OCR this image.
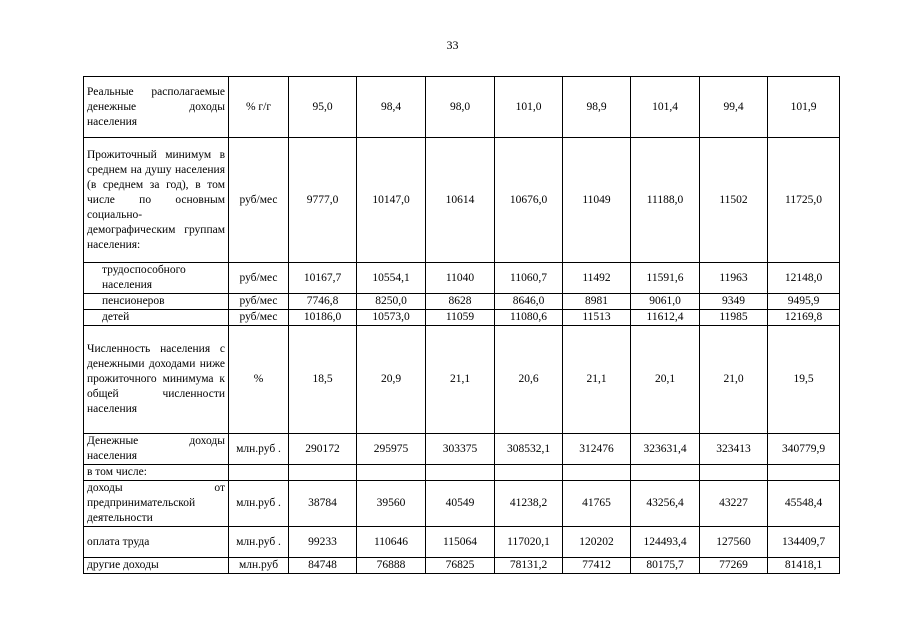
33
Реальные располагаемые денежные доходы населения	% г/г	95,0	98,4	98,0	101,0	98,9	101,4	99,4	101,9
Прожиточный минимум в среднем на душу населения (в среднем за год), в том числе по основным социально-демографическим группам населения:	руб/мес	9777,0	10147,0	10614	10676,0	11049	11188,0	11502	11725,0
трудоспособного населения	руб/мес	10167,7	10554,1	11040	11060,7	11492	11591,6	11963	12148,0
пенсионеров	руб/мес	7746,8	8250,0	8628	8646,0	8981	9061,0	9349	9495,9
детей	руб/мес	10186,0	10573,0	11059	11080,6	11513	11612,4	11985	12169,8
Численность населения с денежными доходами ниже прожиточного минимума к общей численности населения	%	18,5	20,9	21,1	20,6	21,1	20,1	21,0	19,5
Денежные доходы населения	млн.руб .	290172	295975	303375	308532,1	312476	323631,4	323413	340779,9
в том числе:									
доходы от предпринимательской деятельности	млн.руб .	38784	39560	40549	41238,2	41765	43256,4	43227	45548,4
оплата труда	млн.руб .	99233	110646	115064	117020,1	120202	124493,4	127560	134409,7
другие доходы	млн.руб	84748	76888	76825	78131,2	77412	80175,7	77269	81418,1
